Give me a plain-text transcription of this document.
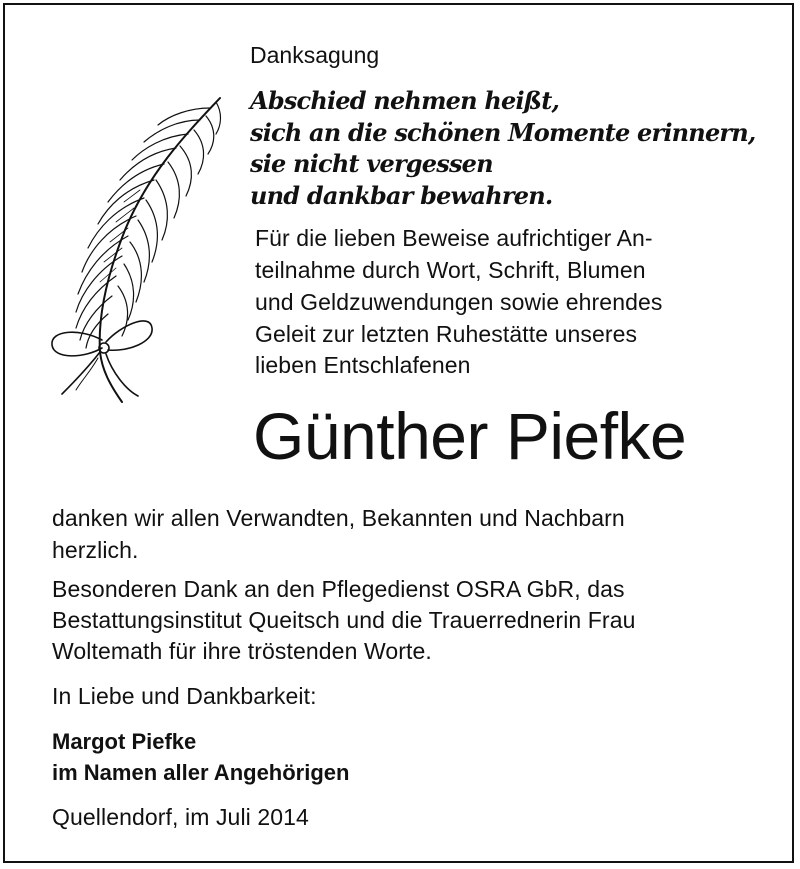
Danksagung
Abschied nehmen heißt,
sich an die schönen Momente erinnern,
sie nicht vergessen
und dankbar bewahren.
Für die lieben Beweise aufrichtiger An-
teilnahme durch Wort, Schrift, Blumen
und Geldzuwendungen sowie ehrendes
Geleit zur letzten Ruhestätte unseres
lieben Entschlafenen
Günther Piefke
danken wir allen Verwandten, Bekannten und Nachbarn
herzlich.
Besonderen Dank an den Pflegedienst OSRA GbR, das
Bestattungsinstitut Queitsch und die Trauerrednerin Frau
Woltemath für ihre tröstenden Worte.
In Liebe und Dankbarkeit:
Margot Piefke
im Namen aller Angehörigen
Quellendorf, im Juli 2014
